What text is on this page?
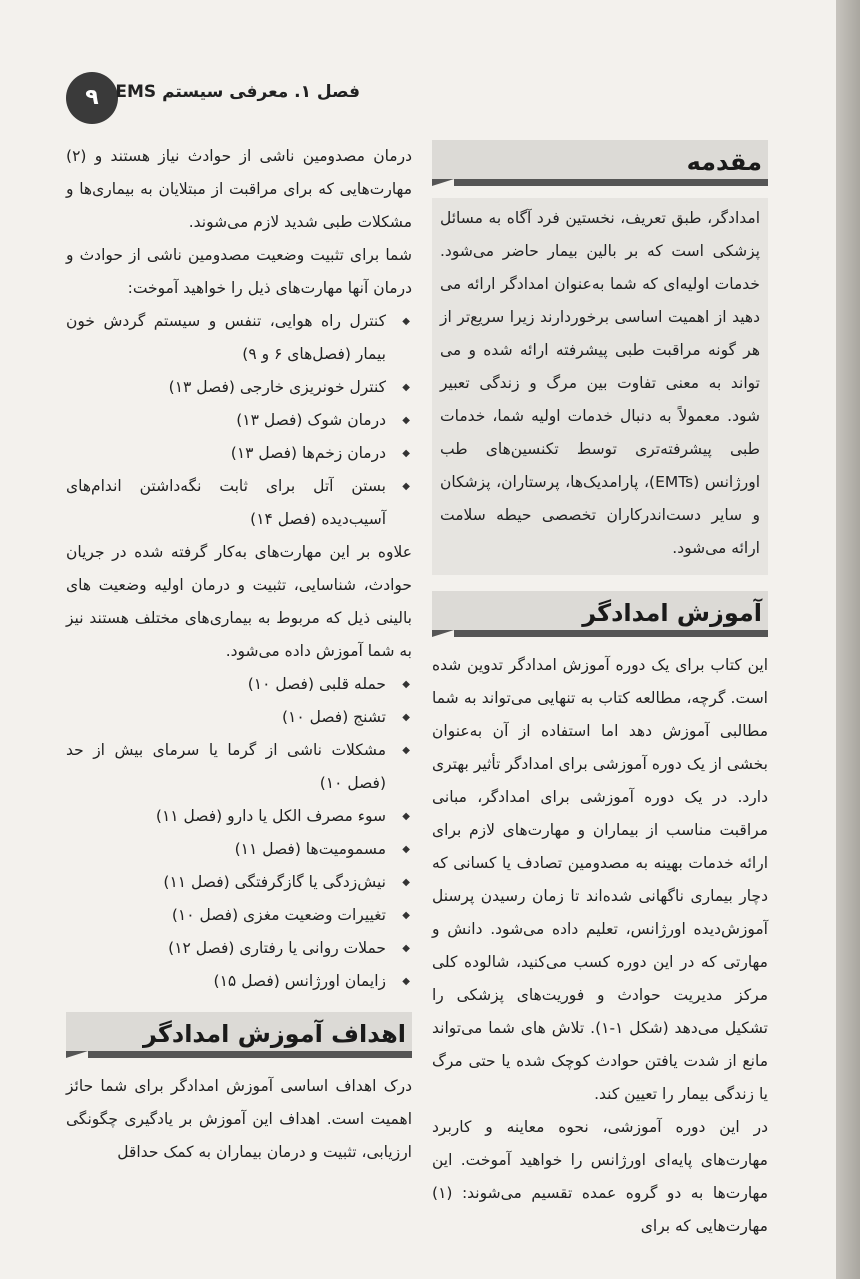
۹ فصل ۱. معرفی سیستم EMS
مقدمه

امدادگر، طبق تعریف، نخستین فرد آگاه به مسائل پزشکی است که بر بالین بیمار حاضر می‌شود. خدمات اولیه‌ای که شما به‌عنوان امدادگر ارائه می دهید از اهمیت اساسی برخوردارند زیرا سریع‌تر از هر گونه مراقبت طبی پیشرفته ارائه شده و می تواند به معنی تفاوت بین مرگ و زندگی تعبیر شود. معمولاً به دنبال خدمات اولیه شما، خدمات طبی پیشرفته‌تری توسط تکنسین‌های طب اورژانس (EMTs)، پارامدیک‌ها، پرستاران، پزشکان و سایر دست‌اندرکاران تخصصی حیطه سلامت ارائه می‌شود.

آموزش امدادگر

این کتاب برای یک دوره آموزش امدادگر تدوین شده است. گرچه، مطالعه کتاب به تنهایی می‌تواند به شما مطالبی آموزش دهد اما استفاده از آن به‌عنوان بخشی از یک دوره آموزشی برای امدادگر تأثیر بهتری دارد. در یک دوره آموزشی برای امدادگر، مبانی مراقبت مناسب از بیماران و مهارت‌های لازم برای ارائه خدمات بهینه به مصدومین تصادف یا کسانی که دچار بیماری ناگهانی شده‌اند تا زمان رسیدن پرسنل آموزش‌دیده اورژانس، تعلیم داده می‌شود. دانش و مهارتی که در این دوره کسب می‌کنید، شالوده کلی مرکز مدیریت حوادث و فوریت‌های پزشکی را تشکیل می‌دهد (شکل ۱-۱). تلاش های شما می‌تواند مانع از شدت یافتن حوادث کوچک شده یا حتی مرگ یا زندگی بیمار را تعیین کند.

در این دوره آموزشی، نحوه معاینه و کاربرد مهارت‌های پایه‌ای اورژانس را خواهید آموخت. این مهارت‌ها به دو گروه عمده تقسیم می‌شوند: (۱) مهارت‌هایی که برای

درمان مصدومین ناشی از حوادث نیاز هستند و (۲) مهارت‌هایی که برای مراقبت از مبتلایان به بیماری‌ها و مشکلات طبی شدید لازم می‌شوند.

شما برای تثبیت وضعیت مصدومین ناشی از حوادث و درمان آنها مهارت‌های ذیل را خواهید آموخت:

◆ کنترل راه هوایی، تنفس و سیستم گردش خون بیمار (فصل‌های ۶ و ۹)
◆ کنترل خونریزی خارجی (فصل ۱۳)
◆ درمان شوک (فصل ۱۳)
◆ درمان زخم‌ها (فصل ۱۳)
◆ بستن آتل برای ثابت نگه‌داشتن اندام‌های آسیب‌دیده (فصل ۱۴)

علاوه بر این مهارت‌های به‌کار گرفته شده در جریان حوادث، شناسایی، تثبیت و درمان اولیه وضعیت های بالینی ذیل که مربوط به بیماری‌های مختلف هستند نیز به شما آموزش داده می‌شود.

◆ حمله قلبی (فصل ۱۰)
◆ تشنج (فصل ۱۰)
◆ مشکلات ناشی از گرما یا سرمای بیش از حد (فصل ۱۰)
◆ سوء مصرف الکل یا دارو (فصل ۱۱)
◆ مسمومیت‌ها (فصل ۱۱)
◆ نیش‌زدگی یا گازگرفتگی (فصل ۱۱)
◆ تغییرات وضعیت مغزی (فصل ۱۰)
◆ حملات روانی یا رفتاری (فصل ۱۲)
◆ زایمان اورژانس (فصل ۱۵)
اهداف آموزش امدادگر

درک اهداف اساسی آموزش امدادگر برای شما حائز اهمیت است. اهداف این آموزش بر یادگیری چگونگی ارزیابی، تثبیت و درمان بیماران به کمک حداقل
